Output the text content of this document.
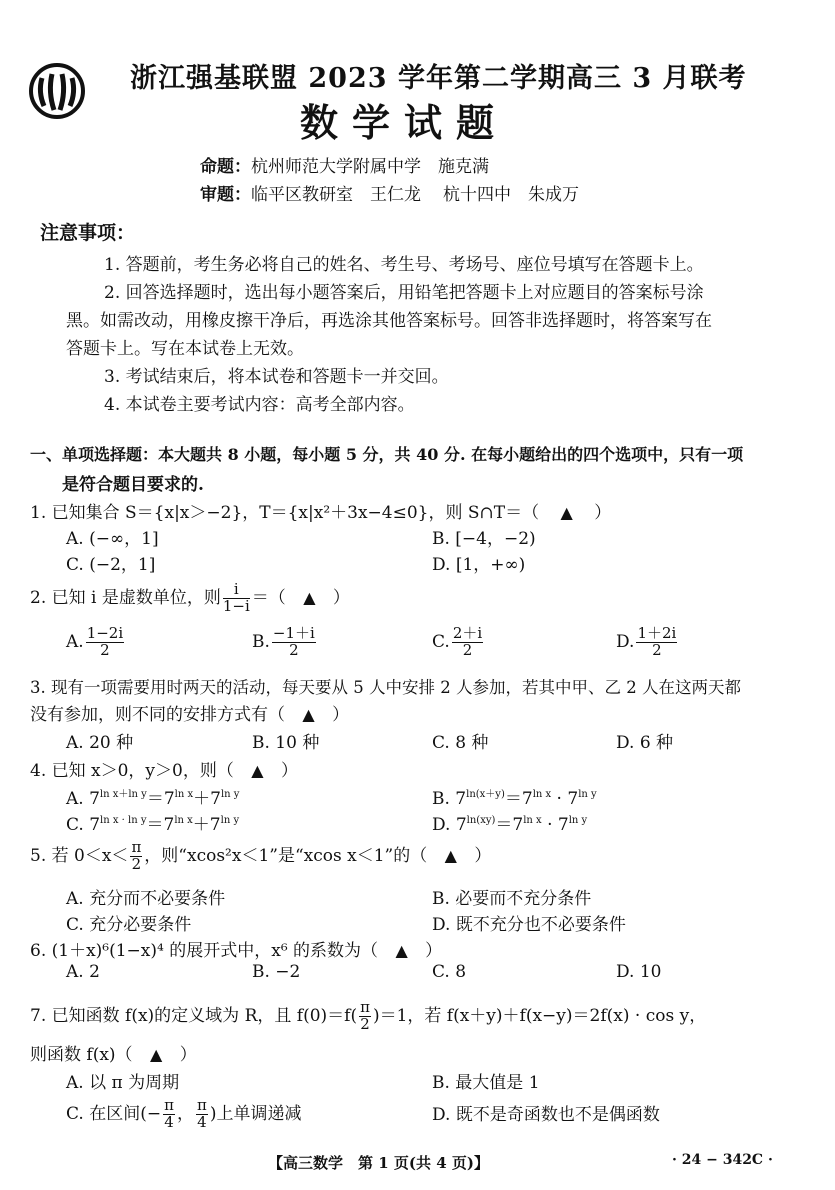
浙江强基联盟 2023 学年第二学期高三 3 月联考
数学试题
命题：杭州师范大学附属中学　施克满
审题：临平区教研室　王仁龙 杭十四中　朱成万
注意事项：
1. 答题前，考生务必将自己的姓名、考生号、考场号、座位号填写在答题卡上。
2. 回答选择题时，选出每小题答案后，用铅笔把答题卡上对应题目的答案标号涂
黑。如需改动，用橡皮擦干净后，再选涂其他答案标号。回答非选择题时，将答案写在
答题卡上。写在本试卷上无效。
3. 考试结束后，将本试卷和答题卡一并交回。
4. 本试卷主要考试内容：高考全部内容。
一、单项选择题：本大题共 8 小题，每小题 5 分，共 40 分. 在每小题给出的四个选项中，只有一项
是符合题目要求的.
1. 已知集合 S＝{x|x＞−2}，T＝{x|x²＋3x−4≤0}，则 S∩T＝（ ▲ ）
A. (−∞，1]	B. [−4，−2)
C. (−2，1]	D. [1，+∞)
2. 已知 i 是虚数单位，则 $\frac{i}{1-i}$ ＝（ ▲ ）
A. $\frac{1-2i}{2}$	B. $\frac{-1+i}{2}$	C. $\frac{2+i}{2}$	D. $\frac{1+2i}{2}$
3. 现有一项需要用时两天的活动，每天要从 5 人中安排 2 人参加，若其中甲、乙 2 人在这两天都
没有参加，则不同的安排方式有（ ▲ ）
A. 20 种	B. 10 种	C. 8 种	D. 6 种
4. 已知 x＞0，y＞0，则（ ▲ ）
A. $7^{ln x+ln y}=7^{ln x}+7^{ln y}$	B. $7^{ln(x+y)}=7^{ln x} \cdot 7^{ln y}$
C. $7^{ln x \cdot ln y}=7^{ln x}+7^{ln y}$	D. $7^{ln(xy)}=7^{ln x} \cdot 7^{ln y}$
5. 若 $0<x< \frac{\pi}{2}$ ，则“xcos²x＜1”是“xcos x＜1”的（ ▲ ）
A. 充分而不必要条件	B. 必要而不充分条件
C. 充分必要条件	D. 既不充分也不必要条件
6. (1＋x)⁶(1−x)⁴ 的展开式中，x⁶ 的系数为（ ▲ ）
A. 2	B. −2	C. 8	D. 10
7. 已知函数 f(x)的定义域为 R，且 $f(0)=f( \frac{\pi}{2} )=1$，若 f(x＋y)＋f(x−y)＝2f(x) · cos y，
则函数 f(x)（ ▲ ）
A. 以 π 为周期	B. 最大值是 1
C. 在区间(− $\frac{\pi}{4}$ ， $\frac{\pi}{4}$ )上单调递减	D. 既不是奇函数也不是偶函数
【高三数学　第 1 页(共 4 页)】	· 24 − 342C ·
